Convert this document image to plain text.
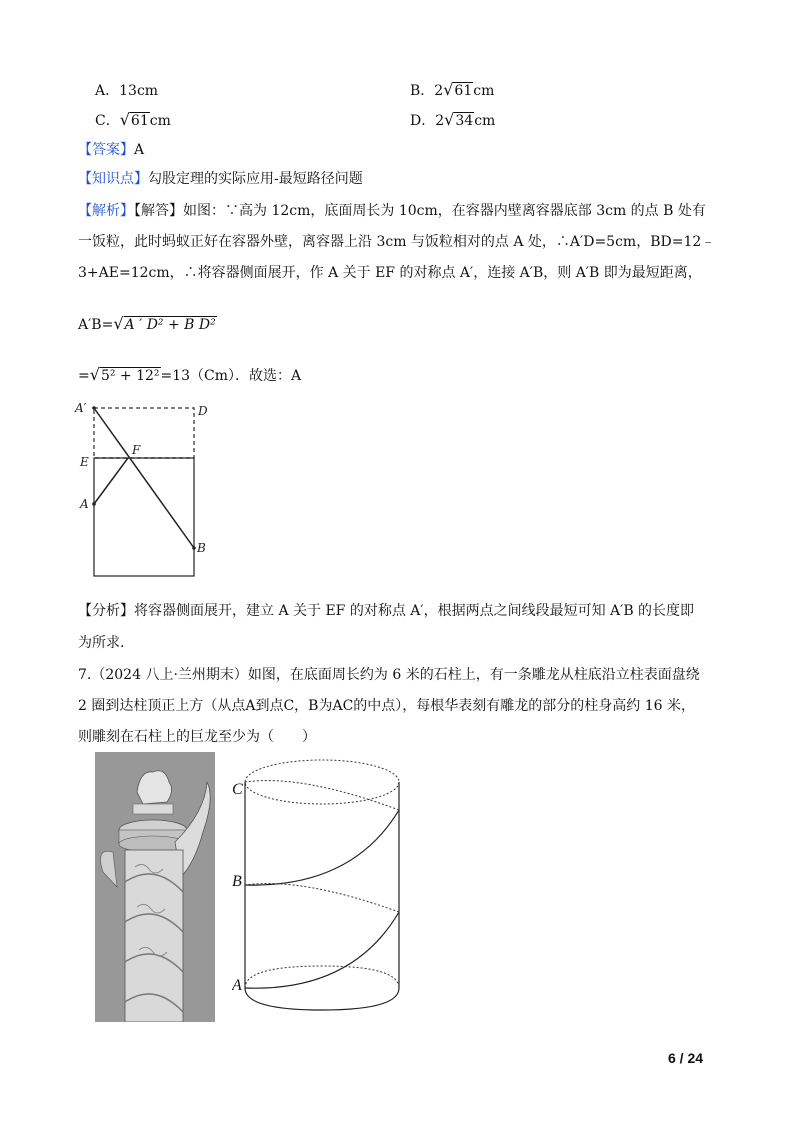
A．13cm	B．2√61cm
C．√61cm	D．2√34cm
【答案】A
【知识点】勾股定理的实际应用-最短路径问题
【解析】【解答】如图：∵高为 12cm，底面周长为 10cm，在容器内壁离容器底部 3cm 的点 B 处有
一饭粒，此时蚂蚁正好在容器外壁，离容器上沿 3cm 与饭粒相对的点 A 处，∴A′D=5cm，BD=12﹣
3+AE=12cm，∴将容器侧面展开，作 A 关于 EF 的对称点 A′，连接 A′B，则 A′B 即为最短距离，
A′B=√A ′ D² + B D²
=√5² + 12²=13（Cm）．故选：A
A′	D
E
F
A
B
【分析】将容器侧面展开，建立 A 关于 EF 的对称点 A′，根据两点之间线段最短可知 A′B 的长度即
为所求.
7.（2024 八上·兰州期末）如图，在底面周长约为 6 米的石柱上，有一条雕龙从柱底沿立柱表面盘绕
2 圈到达柱顶正上方（从点A到点C，B为AC的中点），每根华表刻有雕龙的部分的柱身高约 16 米，
则雕刻在石柱上的巨龙至少为（　　）
C
B
A
6 / 24
